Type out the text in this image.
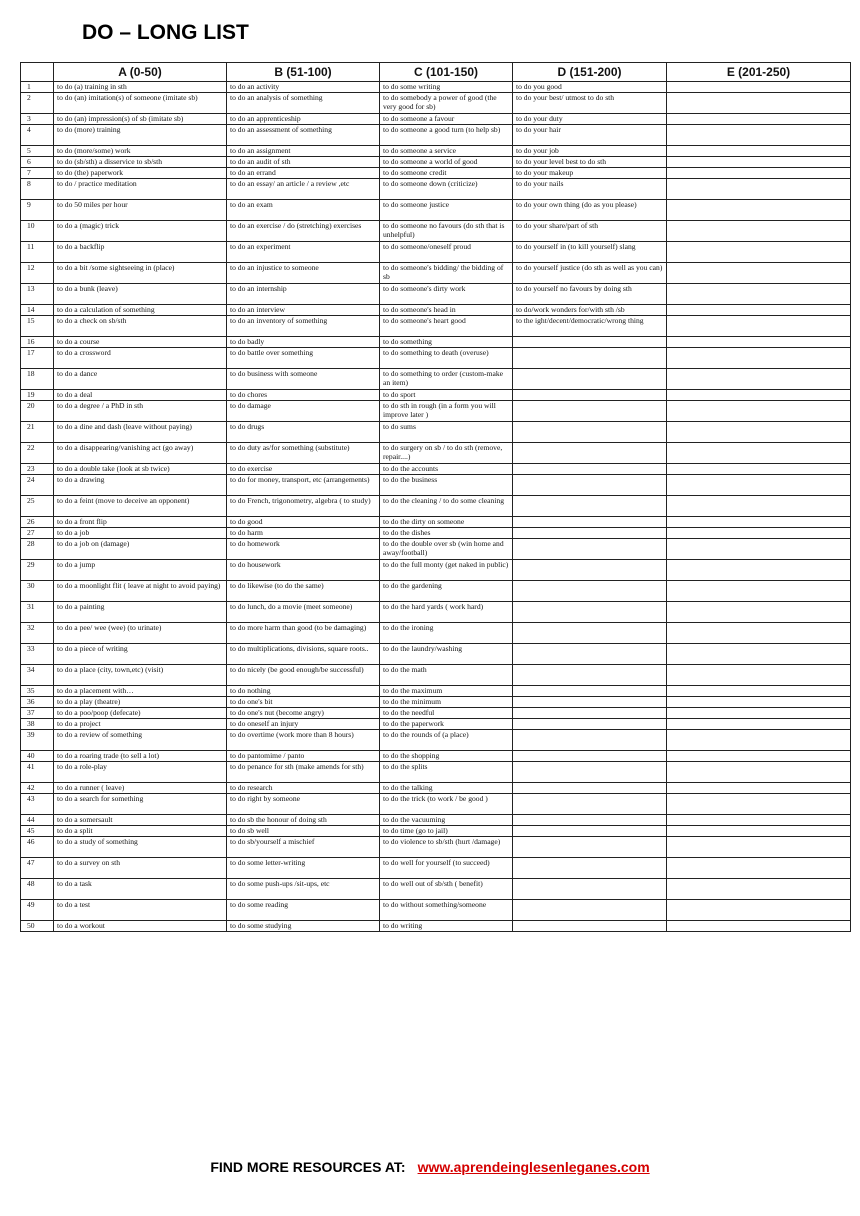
DO – LONG LIST
	A (0-50)	B (51-100)	C (101-150)	D (151-200)	E (201-250)
1	to do (a) training in sth	to do an activity	to do some writing	to do you good	
2	to do (an) imitation(s) of someone (imitate sb)	to do an analysis of something	to do somebody a power of good (the very good for sb)	to do your best/ utmost to do sth	
3	to do (an) impression(s) of sb (imitate sb)	to do an apprenticeship	to do someone a favour	to do your duty	
4	to do (more) training	to do an assessment of something	to do someone a good turn (to help sb)	to do your hair	
5	to do (more/some) work	to do an assignment	to do someone a service	to do your job	
6	to do (sb/sth) a disservice to sb/sth	to do an audit of sth	to do someone a world of good	to do your level best to do sth	
7	to do (the) paperwork	to do an errand	to do someone credit	to do your makeup	
8	to do / practice meditation	to do an essay/ an article / a review ,etc	to do someone down (criticize)	to do your nails	
9	to do 50 miles per hour	to do an exam	to do someone justice	to do your own thing (do as you please)	
10	to do a (magic) trick	to do an exercise / do (stretching) exercises	to do someone no favours (do sth that is unhelpful)	to do your share/part of sth	
11	to do a backflip	to do an experiment	to do someone/oneself proud	to do yourself in (to kill yourself) slang	
12	to do a bit /some sightseeing in (place)	to do an injustice to someone	to do someone's bidding/ the bidding of sb	to do yourself justice (do sth as well as you can)	
13	to do a bunk (leave)	to do an internship	to do someone's dirty work	to do yourself no favours by doing sth	
14	to do a calculation of something	to do an interview	to do someone's head in	to do/work wonders for/with sth /sb	
15	to do a check on sb/sth	to do an inventory of something	to do someone's heart good	to the ight/decent/democratic/wrong thing	
16	to do a course	to do badly	to do something		
17	to do a crossword	to do battle over something	to do something to death (overuse)		
18	to do a dance	to do business with someone	to do something to order (custom-make an item)		
19	to do a deal	to do chores	to do sport		
20	to do a degree / a PhD in sth	to do damage	to do sth in rough (in a form you will improve later )		
21	to do a dine and dash (leave without paying)	to do drugs	to do sums		
22	to do a disappearing/vanishing act (go away)	to do duty as/for something (substitute)	to do surgery on sb / to do sth (remove, repair....)		
23	to do a double take (look at sb twice)	to do exercise	to do the accounts		
24	to do a drawing	to do for money, transport, etc (arrangements)	to do the business		
25	to do a feint (move to deceive an opponent)	to do French, trigonometry, algebra ( to study)	to do the cleaning / to do some cleaning		
26	to do a front flip	to do good	to do the dirty on someone		
27	to do a job	to do harm	to do the dishes		
28	to do a job on (damage)	to do homework	to do the double over sb (win home and away/football)		
29	to do a jump	to do housework	to do the full monty (get naked in public)		
30	to do a moonlight flit ( leave at night to avoid paying)	to do likewise (to do the same)	to do the gardening		
31	to do a painting	to do lunch, do a movie (meet someone)	to do the hard yards ( work hard)		
32	to do a pee/ wee (wee) (to urinate)	to do more harm than good (to be damaging)	to do the ironing		
33	to do a piece of writing	to do multiplications, divisions, square roots..	to do the laundry/washing		
34	to do a place (city, town,etc) (visit)	to do nicely (be good enough/be successful)	to do the math		
35	to do a placement with…	to do nothing	to do the maximum		
36	to do a play (theatre)	to do one's bit	to do the minimum		
37	to do a poo/poop (defecate)	to do one's nut (become angry)	to do the needful		
38	to do a project	to do oneself an injury	to do the paperwork		
39	to do a review of something	to do overtime (work more than 8 hours)	to do the rounds of (a place)		
40	to do a roaring trade (to sell a lot)	to do pantomime / panto	to do the shopping		
41	to do a role-play	to do penance for sth (make amends for sth)	to do the splits		
42	to do a runner ( leave)	to do research	to do the talking		
43	to do a search for something	to do right by someone	to do the trick (to work / be good )		
44	to do a somersault	to do sb the honour of doing sth	to do the vacuuming		
45	to do a split	to do sb well	to do time (go to jail)		
46	to do a study of something	to do sb/yourself a mischief	to do violence to sb/sth (hurt /damage)		
47	to do a survey on sth	to do some letter-writing	to do well for yourself (to succeed)		
48	to do a task	to do some push-ups /sit-ups, etc	to do well out of sb/sth ( benefit)		
49	to do a test	to do some reading	to do without something/someone		
50	to do a workout	to do some studying	to do writing		
FIND MORE RESOURCES AT: www.aprendeinglesenleganes.com
